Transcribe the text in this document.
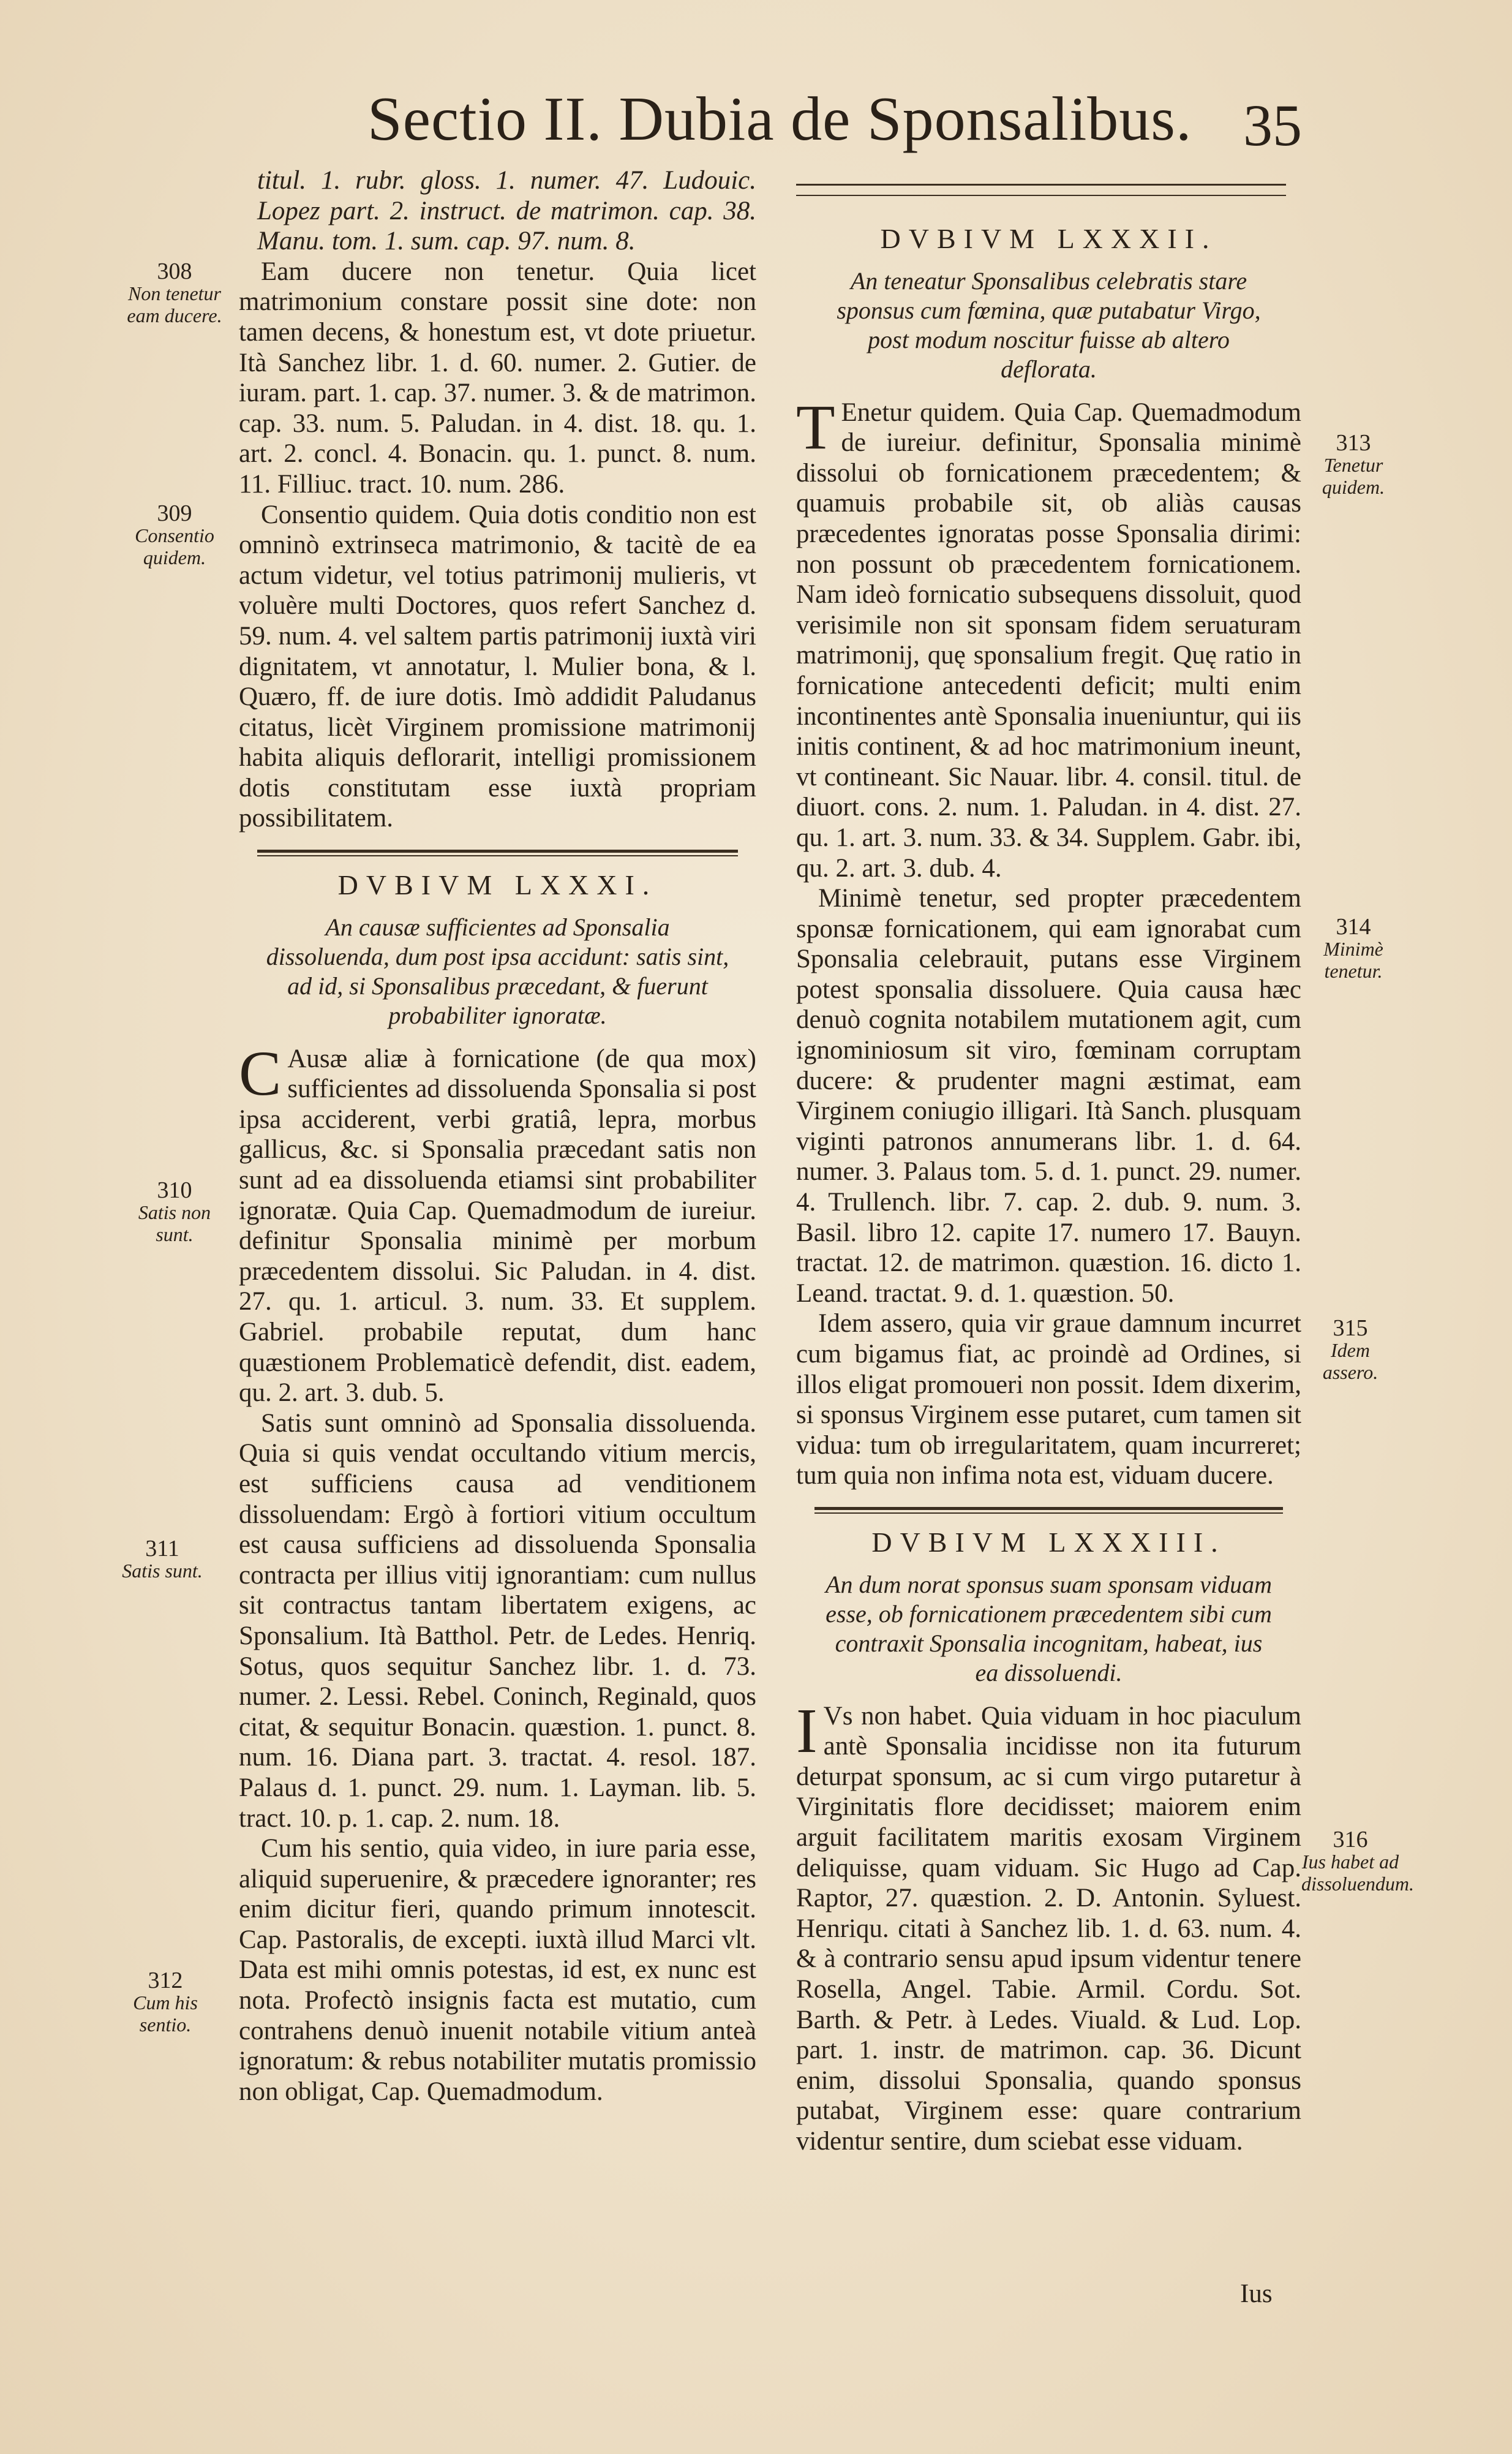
Sectio II. Dubia de Sponsalibus. 35

titul. 1. rubr. gloss. 1. numer. 47. Ludouic. Lopez part. 2. instruct. de matrimon. cap. 38. Manu. tom. 1. sum. cap. 97. num. 8.

Eam ducere non tenetur. Quia licet matrimonium constare possit sine dote: non tamen decens, & honestum est, vt dote priuetur. Ità Sanchez libr. 1. d. 60. numer. 2. Gutier. de iuram. part. 1. cap. 37. numer. 3. & de matrimon. cap. 33. num. 5. Paludan. in 4. dist. 18. qu. 1. art. 2. concl. 4. Bonacin. qu. 1. punct. 8. num. 11. Filliuc. tract. 10. num. 286.

Consentio quidem. Quia dotis conditio non est omninò extrinseca matrimonio, & tacitè de ea actum videtur, vel totius patrimonij mulieris, vt voluère multi Doctores, quos refert Sanchez d. 59. num. 4. vel saltem partis patrimonij iuxtà viri dignitatem, vt annotatur, l. Mulier bona, & l. Quæro, ff. de iure dotis. Imò addidit Paludanus citatus, licèt Virginem promissione matrimonij habita aliquis deflorarit, intelligi promissionem dotis constitutam esse iuxtà propriam possibilitatem.

DVBIVM LXXXI.
An causæ sufficientes ad Sponsalia dissoluenda, dum post ipsa accidunt: satis sint, ad id, si Sponsalibus præcedant, & fuerunt probabiliter ignoratæ.

C Ausæ aliæ à fornicatione (de qua mox) sufficientes ad dissoluenda Sponsalia si post ipsa acciderent, verbi gratiâ, lepra, morbus gallicus, &c. si Sponsalia præcedant satis non sunt ad ea dissoluenda etiamsi sint probabiliter ignoratæ. Quia Cap. Quemadmodum de iureiur. definitur Sponsalia minimè per morbum præcedentem dissolui. Sic Paludan. in 4. dist. 27. qu. 1. articul. 3. num. 33. Et supplem. Gabriel. probabile reputat, dum hanc quæstionem Problematicè defendit, dist. eadem, qu. 2. art. 3. dub. 5.

Satis sunt omninò ad Sponsalia dissoluenda. Quia si quis vendat occultando vitium mercis, est sufficiens causa ad venditionem dissoluendam: Ergò à fortiori vitium occultum est causa sufficiens ad dissoluenda Sponsalia contracta per illius vitij ignorantiam: cum nullus sit contractus tantam libertatem exigens, ac Sponsalium. Ità Batthol. Petr. de Ledes. Henriq. Sotus, quos sequitur Sanchez libr. 1. d. 73. numer. 2. Lessi. Rebel. Coninch, Reginald, quos citat, & sequitur Bonacin. quæstion. 1. punct. 8. num. 16. Diana part. 3. tractat. 4. resol. 187. Palaus d. 1. punct. 29. num. 1. Layman. lib. 5. tract. 10. p. 1. cap. 2. num. 18.

Cum his sentio, quia video, in iure paria esse, aliquid superuenire, & præcedere ignoranter; res enim dicitur fieri, quando primum innotescit. Cap. Pastoralis, de excepti. iuxtà illud Marci vlt. Data est mihi omnis potestas, id est, ex nunc est nota. Profectò insignis facta est mutatio, cum contrahens denuò inuenit notabile vitium anteà ignoratum: & rebus notabiliter mutatis promissio non obligat, Cap. Quemadmodum.

DVBIVM LXXXII.
An teneatur Sponsalibus celebratis stare sponsus cum fœmina, quæ putabatur Virgo, post modum noscitur fuisse ab altero deflorata.

T Enetur quidem. Quia Cap. Quemadmodum de iureiur. definitur, Sponsalia minimè dissolui ob fornicationem præcedentem; & quamuis probabile sit, ob aliàs causas præcedentes ignoratas posse Sponsalia dirimi: non possunt ob præcedentem fornicationem. Nam ideò fornicatio subsequens dissoluit, quod verisimile non sit sponsam fidem seruaturam matrimonij, quę sponsalium fregit. Quę ratio in fornicatione antecedenti deficit; multi enim incontinentes antè Sponsalia inueniuntur, qui iis initis continent, & ad hoc matrimonium ineunt, vt contineant. Sic Nauar. libr. 4. consil. titul. de diuort. cons. 2. num. 1. Paludan. in 4. dist. 27. qu. 1. art. 3. num. 33. & 34. Supplem. Gabr. ibi, qu. 2. art. 3. dub. 4.

Minimè tenetur, sed propter præcedentem sponsæ fornicationem, qui eam ignorabat cum Sponsalia celebrauit, putans esse Virginem potest sponsalia dissoluere. Quia causa hæc denuò cognita notabilem mutationem agit, cum ignominiosum sit viro, fœminam corruptam ducere: & prudenter magni æstimat, eam Virginem coniugio illigari. Ità Sanch. plusquam viginti patronos annumerans libr. 1. d. 64. numer. 3. Palaus tom. 5. d. 1. punct. 29. numer. 4. Trullench. libr. 7. cap. 2. dub. 9. num. 3. Basil. libro 12. capite 17. numero 17. Bauyn. tractat. 12. de matrimon. quæstion. 16. dicto 1. Leand. tractat. 9. d. 1. quæstion. 50.

Idem assero, quia vir graue damnum incurret cum bigamus fiat, ac proindè ad Ordines, si illos eligat promoueri non possit. Idem dixerim, si sponsus Virginem esse putaret, cum tamen sit vidua: tum ob irregularitatem, quam incurreret; tum quia non infima nota est, viduam ducere.

DVBIVM LXXXIII.
An dum norat sponsus suam sponsam viduam esse, ob fornicationem præcedentem sibi cum contraxit Sponsalia incognitam, habeat, ius ea dissoluendi.

I Vs non habet. Quia viduam in hoc piaculum antè Sponsalia incidisse non ita futurum deturpat sponsum, ac si cum virgo putaretur à Virginitatis flore decidisset; maiorem enim arguit facilitatem maritis exosam Virginem deliquisse, quam viduam. Sic Hugo ad Cap. Raptor, 27. quæstion. 2. D. Antonin. Syluest. Henriqu. citati à Sanchez lib. 1. d. 63. num. 4. & à contrario sensu apud ipsum videntur tenere Rosella, Angel. Tabie. Armil. Cordu. Sot. Barth. & Petr. à Ledes. Viuald. & Lud. Lop. part. 1. instr. de matrimon. cap. 36. Dicunt enim, dissolui Sponsalia, quando sponsus putabat, Virginem esse: quare contrarium videntur sentire, dum sciebat esse viduam.

Ius
308
Non tenetur eam ducere.
309
Consentio quidem.
310
Satis non sunt.
311
Satis sunt.
312
Cum his sentio.
313
Tenetur quidem.
314
Minimè tenetur.
315
Idem assero.
316
Ius habet ad dissoluendum.
